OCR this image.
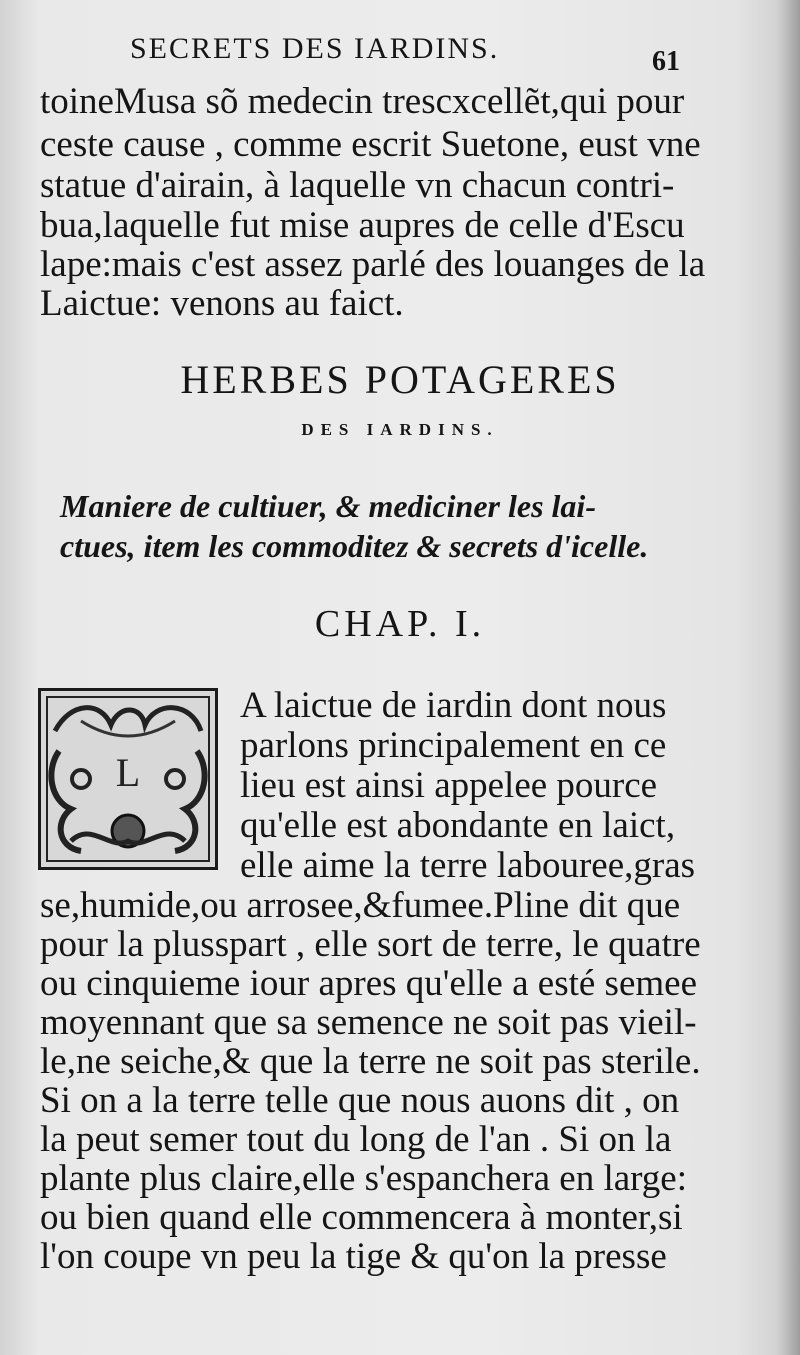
SECRETS DES IARDINS.	61
toineMusa sõ medecin trescxcellẽt,qui pour
ceste cause , comme escrit Suetone, eust vne
statue d'airain, à laquelle vn chacun contri-
bua,laquelle fut mise aupres de celle d'Escu
lape:mais c'est assez parlé des louanges de la
Laictue: venons au faict.
HERBES POTAGERES
DES IARDINS.
Maniere de cultiuer, & mediciner les lai-
ctues, item les commoditez & secrets d'icelle.
CHAP. I.
L
A laictue de iardin dont nous
parlons principalement en ce
lieu est ainsi appelee pource
qu'elle est abondante en laict,
elle aime la terre labouree,gras
se,humide,ou arrosee,&fumee.Pline dit que
pour la plusspart , elle sort de terre, le quatre
ou cinquieme iour apres qu'elle a esté semee
moyennant que sa semence ne soit pas vieil-
le,ne seiche,& que la terre ne soit pas sterile.
Si on a la terre telle que nous auons dit , on
la peut semer tout du long de l'an . Si on la
plante plus claire,elle s'espanchera en large:
ou bien quand elle commencera à monter,si
l'on coupe vn peu la tige & qu'on la presse
